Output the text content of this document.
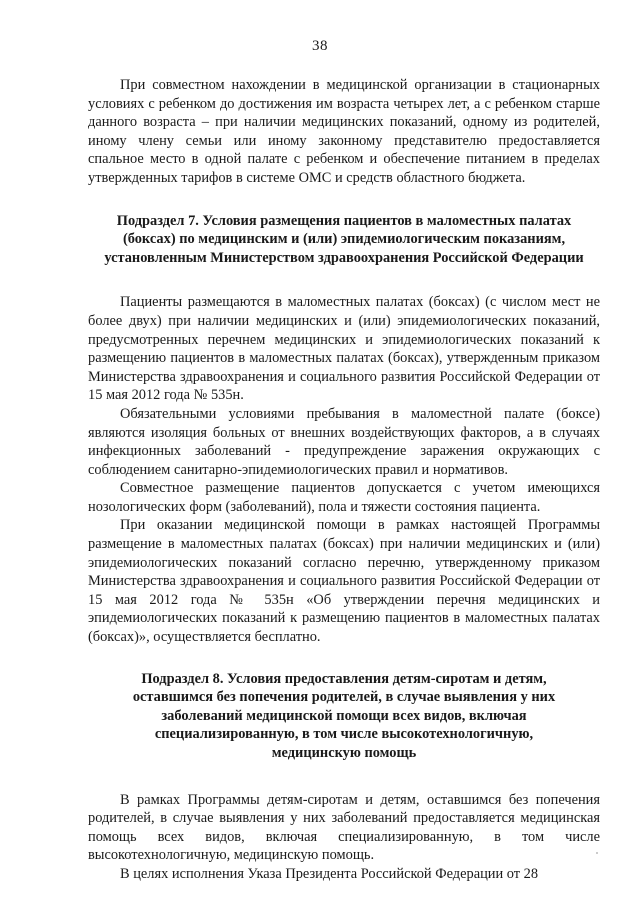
38

При совместном нахождении в медицинской организации в стационарных условиях с ребенком до достижения им возраста четырех лет, а с ребенком старше данного возраста – при наличии медицинских показаний, одному из родителей, иному члену семьи или иному законному представителю предоставляется спальное место в одной палате с ребенком и обеспечение питанием в пределах утвержденных тарифов в системе ОМС и средств областного бюджета.

Подраздел 7. Условия размещения пациентов в маломестных палатах (боксах) по медицинским и (или) эпидемиологическим показаниям, установленным Министерством здравоохранения Российской Федерации

Пациенты размещаются в маломестных палатах (боксах) (с числом мест не более двух) при наличии медицинских и (или) эпидемиологических показаний, предусмотренных перечнем медицинских и эпидемиологических показаний к размещению пациентов в маломестных палатах (боксах), утвержденным приказом Министерства здравоохранения и социального развития Российской Федерации от 15 мая 2012 года № 535н.

Обязательными условиями пребывания в маломестной палате (боксе) являются изоляция больных от внешних воздействующих факторов, а в случаях инфекционных заболеваний - предупреждение заражения окружающих с соблюдением санитарно-эпидемиологических правил и нормативов.

Совместное размещение пациентов допускается с учетом имеющихся нозологических форм (заболеваний), пола и тяжести состояния пациента.

При оказании медицинской помощи в рамках настоящей Программы размещение в маломестных палатах (боксах) при наличии медицинских и (или) эпидемиологических показаний согласно перечню, утвержденному приказом Министерства здравоохранения и социального развития Российской Федерации от 15 мая 2012 года № 535н «Об утверждении перечня медицинских и эпидемиологических показаний к размещению пациентов в маломестных палатах (боксах)», осуществляется бесплатно.

Подраздел 8. Условия предоставления детям-сиротам и детям, оставшимся без попечения родителей, в случае выявления у них заболеваний медицинской помощи всех видов, включая специализированную, в том числе высокотехнологичную, медицинскую помощь

В рамках Программы детям-сиротам и детям, оставшимся без попечения родителей, в случае выявления у них заболеваний предоставляется медицинская помощь всех видов, включая специализированную, в том числе высокотехнологичную, медицинскую помощь.

В целях исполнения Указа Президента Российской Федерации от 28
